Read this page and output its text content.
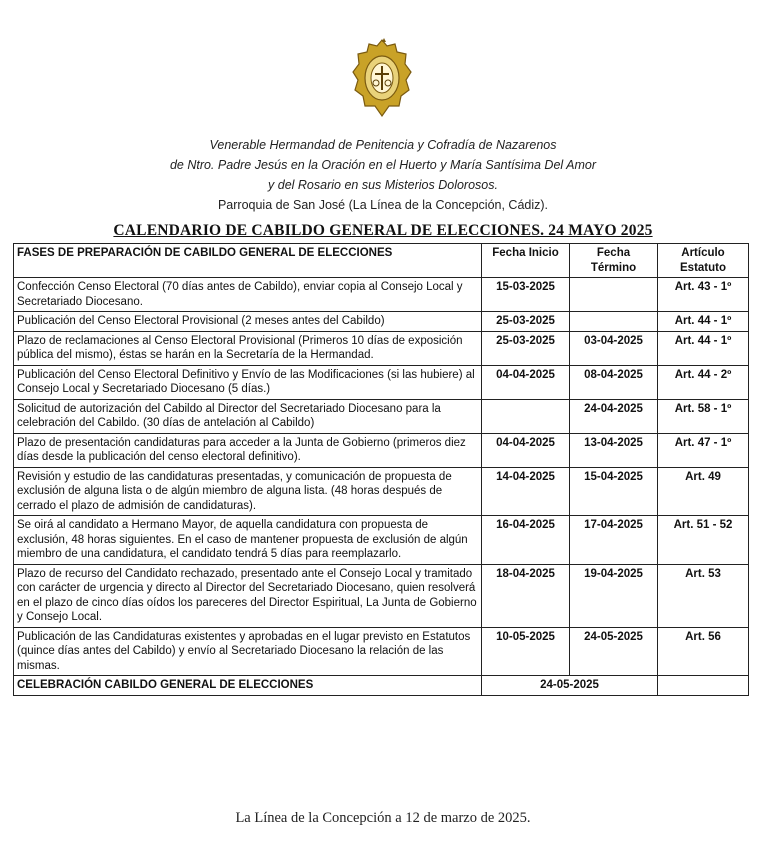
Venerable Hermandad de Penitencia y Cofradía de Nazarenos
de Ntro. Padre Jesús en la Oración en el Huerto y María Santísima Del Amor
y del Rosario en sus Misterios Dolorosos.
Parroquia de San José (La Línea de la Concepción, Cádiz).
CALENDARIO DE CABILDO GENERAL DE ELECCIONES. 24 MAYO 2025
FASES DE PREPARACIÓN DE CABILDO GENERAL DE ELECCIONES	Fecha Inicio	Fecha Término	Artículo Estatuto
Confección Censo Electoral (70 días antes de Cabildo), enviar copia al Consejo Local y Secretariado Diocesano.	15-03-2025		Art. 43 - 1º
Publicación del Censo Electoral Provisional (2 meses antes del Cabildo)	25-03-2025		Art. 44 - 1º
Plazo de reclamaciones al Censo Electoral Provisional (Primeros 10 días de exposición pública del mismo), éstas se harán en la Secretaría de la Hermandad.	25-03-2025	03-04-2025	Art. 44 - 1º
Publicación del Censo Electoral Definitivo y Envío de las Modificaciones (si las hubiere) al Consejo Local y Secretariado Diocesano (5 días.)	04-04-2025	08-04-2025	Art. 44 - 2º
Solicitud de autorización del Cabildo al Director del Secretariado Diocesano para la celebración del Cabildo. (30 días de antelación al Cabildo)		24-04-2025	Art. 58 - 1º
Plazo de presentación candidaturas para acceder a la Junta de Gobierno (primeros diez días desde la publicación del censo electoral definitivo).	04-04-2025	13-04-2025	Art. 47 - 1º
Revisión y estudio de las candidaturas presentadas, y comunicación de propuesta de exclusión de alguna lista o de algún miembro de alguna lista. (48 horas después de cerrado el plazo de admisión de candidaturas).	14-04-2025	15-04-2025	Art. 49
Se oirá al candidato a Hermano Mayor, de aquella candidatura con propuesta de exclusión, 48 horas siguientes. En el caso de mantener propuesta de exclusión de algún miembro de una candidatura, el candidato tendrá 5 días para reemplazarlo.	16-04-2025	17-04-2025	Art. 51 - 52
Plazo de recurso del Candidato rechazado, presentado ante el Consejo Local y tramitado con carácter de urgencia y directo al Director del Secretariado Diocesano, quien resolverá en el plazo de cinco días oídos los pareceres del Director Espiritual, La Junta de Gobierno y Consejo Local.	18-04-2025	19-04-2025	Art. 53
Publicación de las Candidaturas existentes y aprobadas en el lugar previsto en Estatutos (quince días antes del Cabildo) y envío al Secretariado Diocesano la relación de las mismas.	10-05-2025	24-05-2025	Art. 56
CELEBRACIÓN CABILDO GENERAL DE ELECCIONES	24-05-2025		
La Línea de la Concepción a 12 de marzo de 2025.
